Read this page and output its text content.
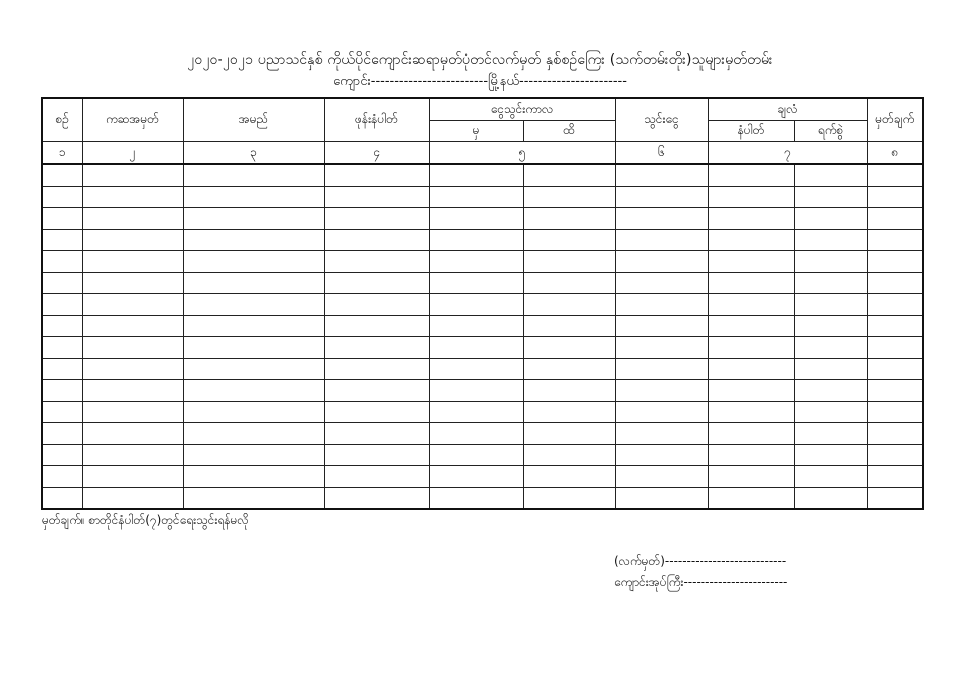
၂၀၂၀-၂၀၂၁ ပညာသင်နှစ် ကိုယ်ပိုင်ကျောင်းဆရာမှတ်ပုံတင်လက်မှတ် နှစ်စဉ်ကြေး (သက်တမ်းတိုး)သူများမှတ်တမ်း
ကျောင်း-------------------------မြို့နယ်-----------------------
စဉ်	ကဆအမှတ်	အမည်	ဖုန်းနံပါတ်	ငွေသွင်းကာလ		သွင်းငွေ	ချလံ		မှတ်ချက်
				မှ	ထိ		နံပါတ်	ရက်စွဲ	
၁	၂	၃	၄	၅		၆	၇		၈

မှတ်ချက်။ စာတိုင်နံပါတ်(၇)တွင်ရေးသွင်းရန်မလို
(လက်မှတ်)----------------------------
ကျောင်းအုပ်ကြီး------------------------
